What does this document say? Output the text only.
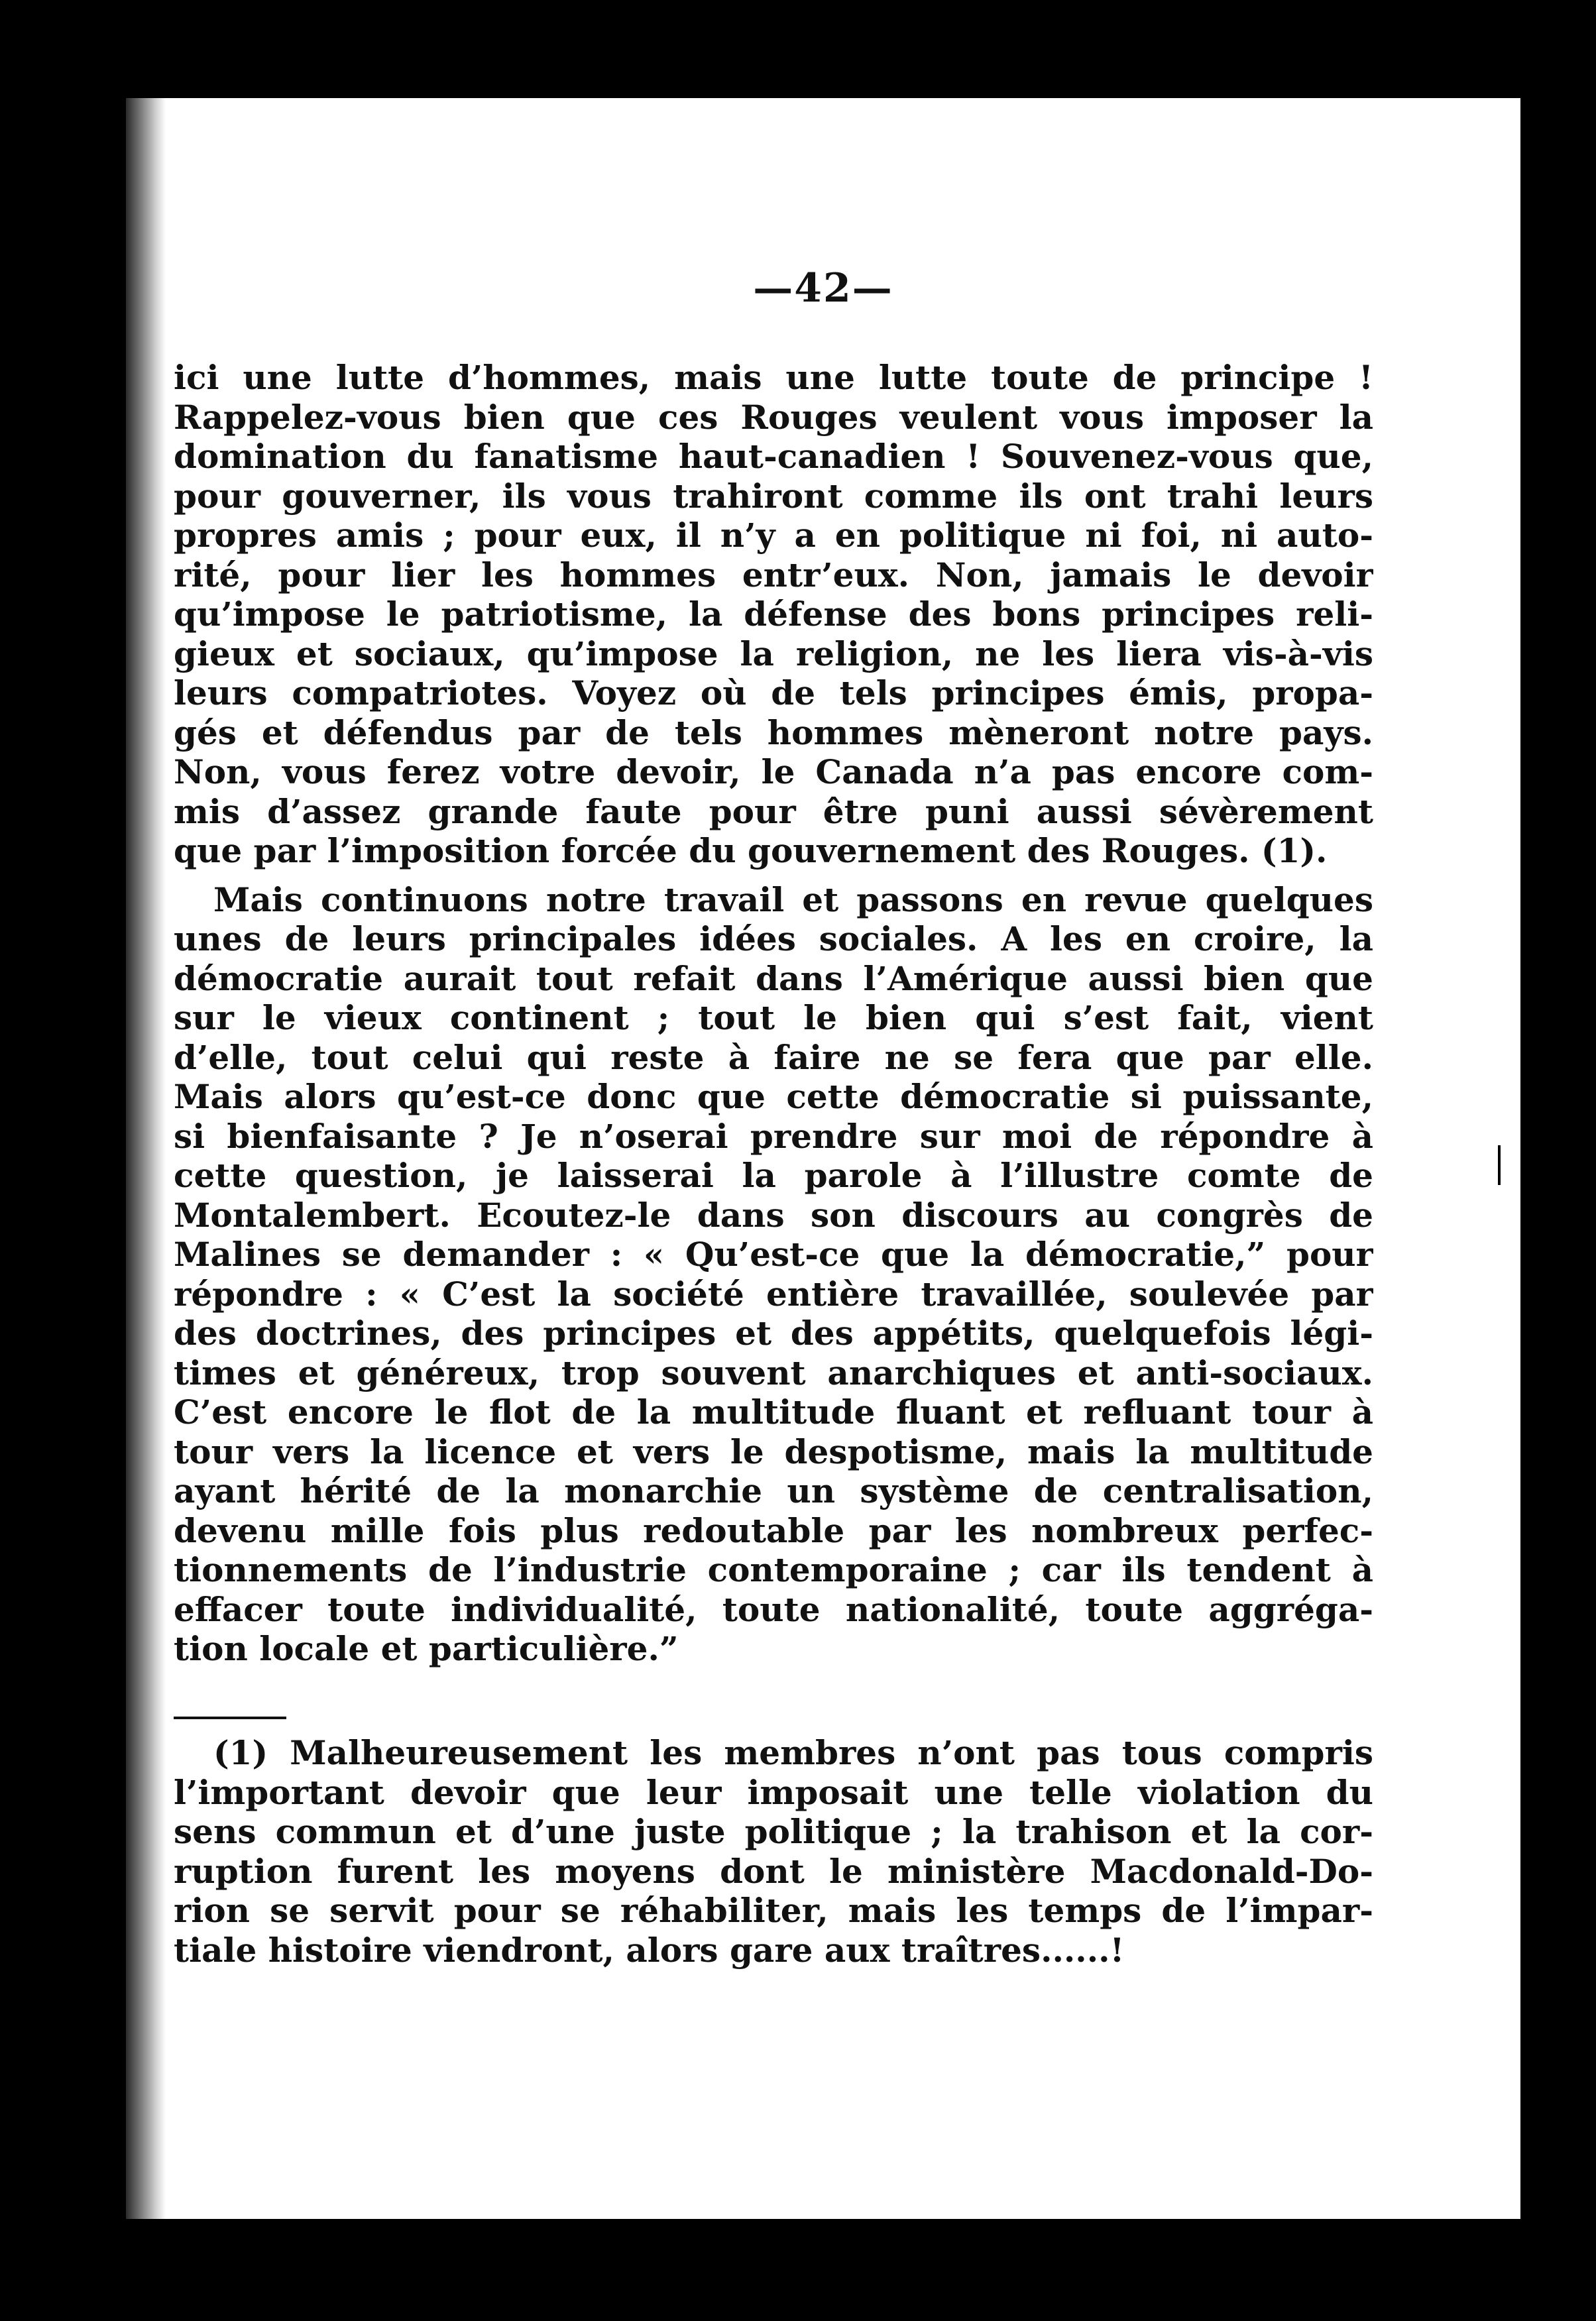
—42—
ici une lutte d’hommes, mais une lutte toute de principe !
Rappelez-vous bien que ces Rouges veulent vous imposer la
domination du fanatisme haut-canadien ! Souvenez-vous que,
pour gouverner, ils vous trahiront comme ils ont trahi leurs
propres amis ; pour eux, il n’y a en politique ni foi, ni auto-
rité, pour lier les hommes entr’eux. Non, jamais le devoir
qu’impose le patriotisme, la défense des bons principes reli-
gieux et sociaux, qu’impose la religion, ne les liera vis-à-vis
leurs compatriotes. Voyez où de tels principes émis, propa-
gés et défendus par de tels hommes mèneront notre pays.
Non, vous ferez votre devoir, le Canada n’a pas encore com-
mis d’assez grande faute pour être puni aussi sévèrement
que par l’imposition forcée du gouvernement des Rouges. (1).
Mais continuons notre travail et passons en revue quelques
unes de leurs principales idées sociales. A les en croire, la
démocratie aurait tout refait dans l’Amérique aussi bien que
sur le vieux continent ; tout le bien qui s’est fait, vient
d’elle, tout celui qui reste à faire ne se fera que par elle.
Mais alors qu’est-ce donc que cette démocratie si puissante,
si bienfaisante ? Je n’oserai prendre sur moi de répondre à
cette question, je laisserai la parole à l’illustre comte de
Montalembert. Ecoutez-le dans son discours au congrès de
Malines se demander : « Qu’est-ce que la démocratie,” pour
répondre : « C’est la société entière travaillée, soulevée par
des doctrines, des principes et des appétits, quelquefois légi-
times et généreux, trop souvent anarchiques et anti-sociaux.
C’est encore le flot de la multitude fluant et refluant tour à
tour vers la licence et vers le despotisme, mais la multitude
ayant hérité de la monarchie un système de centralisation,
devenu mille fois plus redoutable par les nombreux perfec-
tionnements de l’industrie contemporaine ; car ils tendent à
effacer toute individualité, toute nationalité, toute aggréga-
tion locale et particulière.”
(1) Malheureusement les membres n’ont pas tous compris
l’important devoir que leur imposait une telle violation du
sens commun et d’une juste politique ; la trahison et la cor-
ruption furent les moyens dont le ministère Macdonald-Do-
rion se servit pour se réhabiliter, mais les temps de l’impar-
tiale histoire viendront, alors gare aux traîtres......!
